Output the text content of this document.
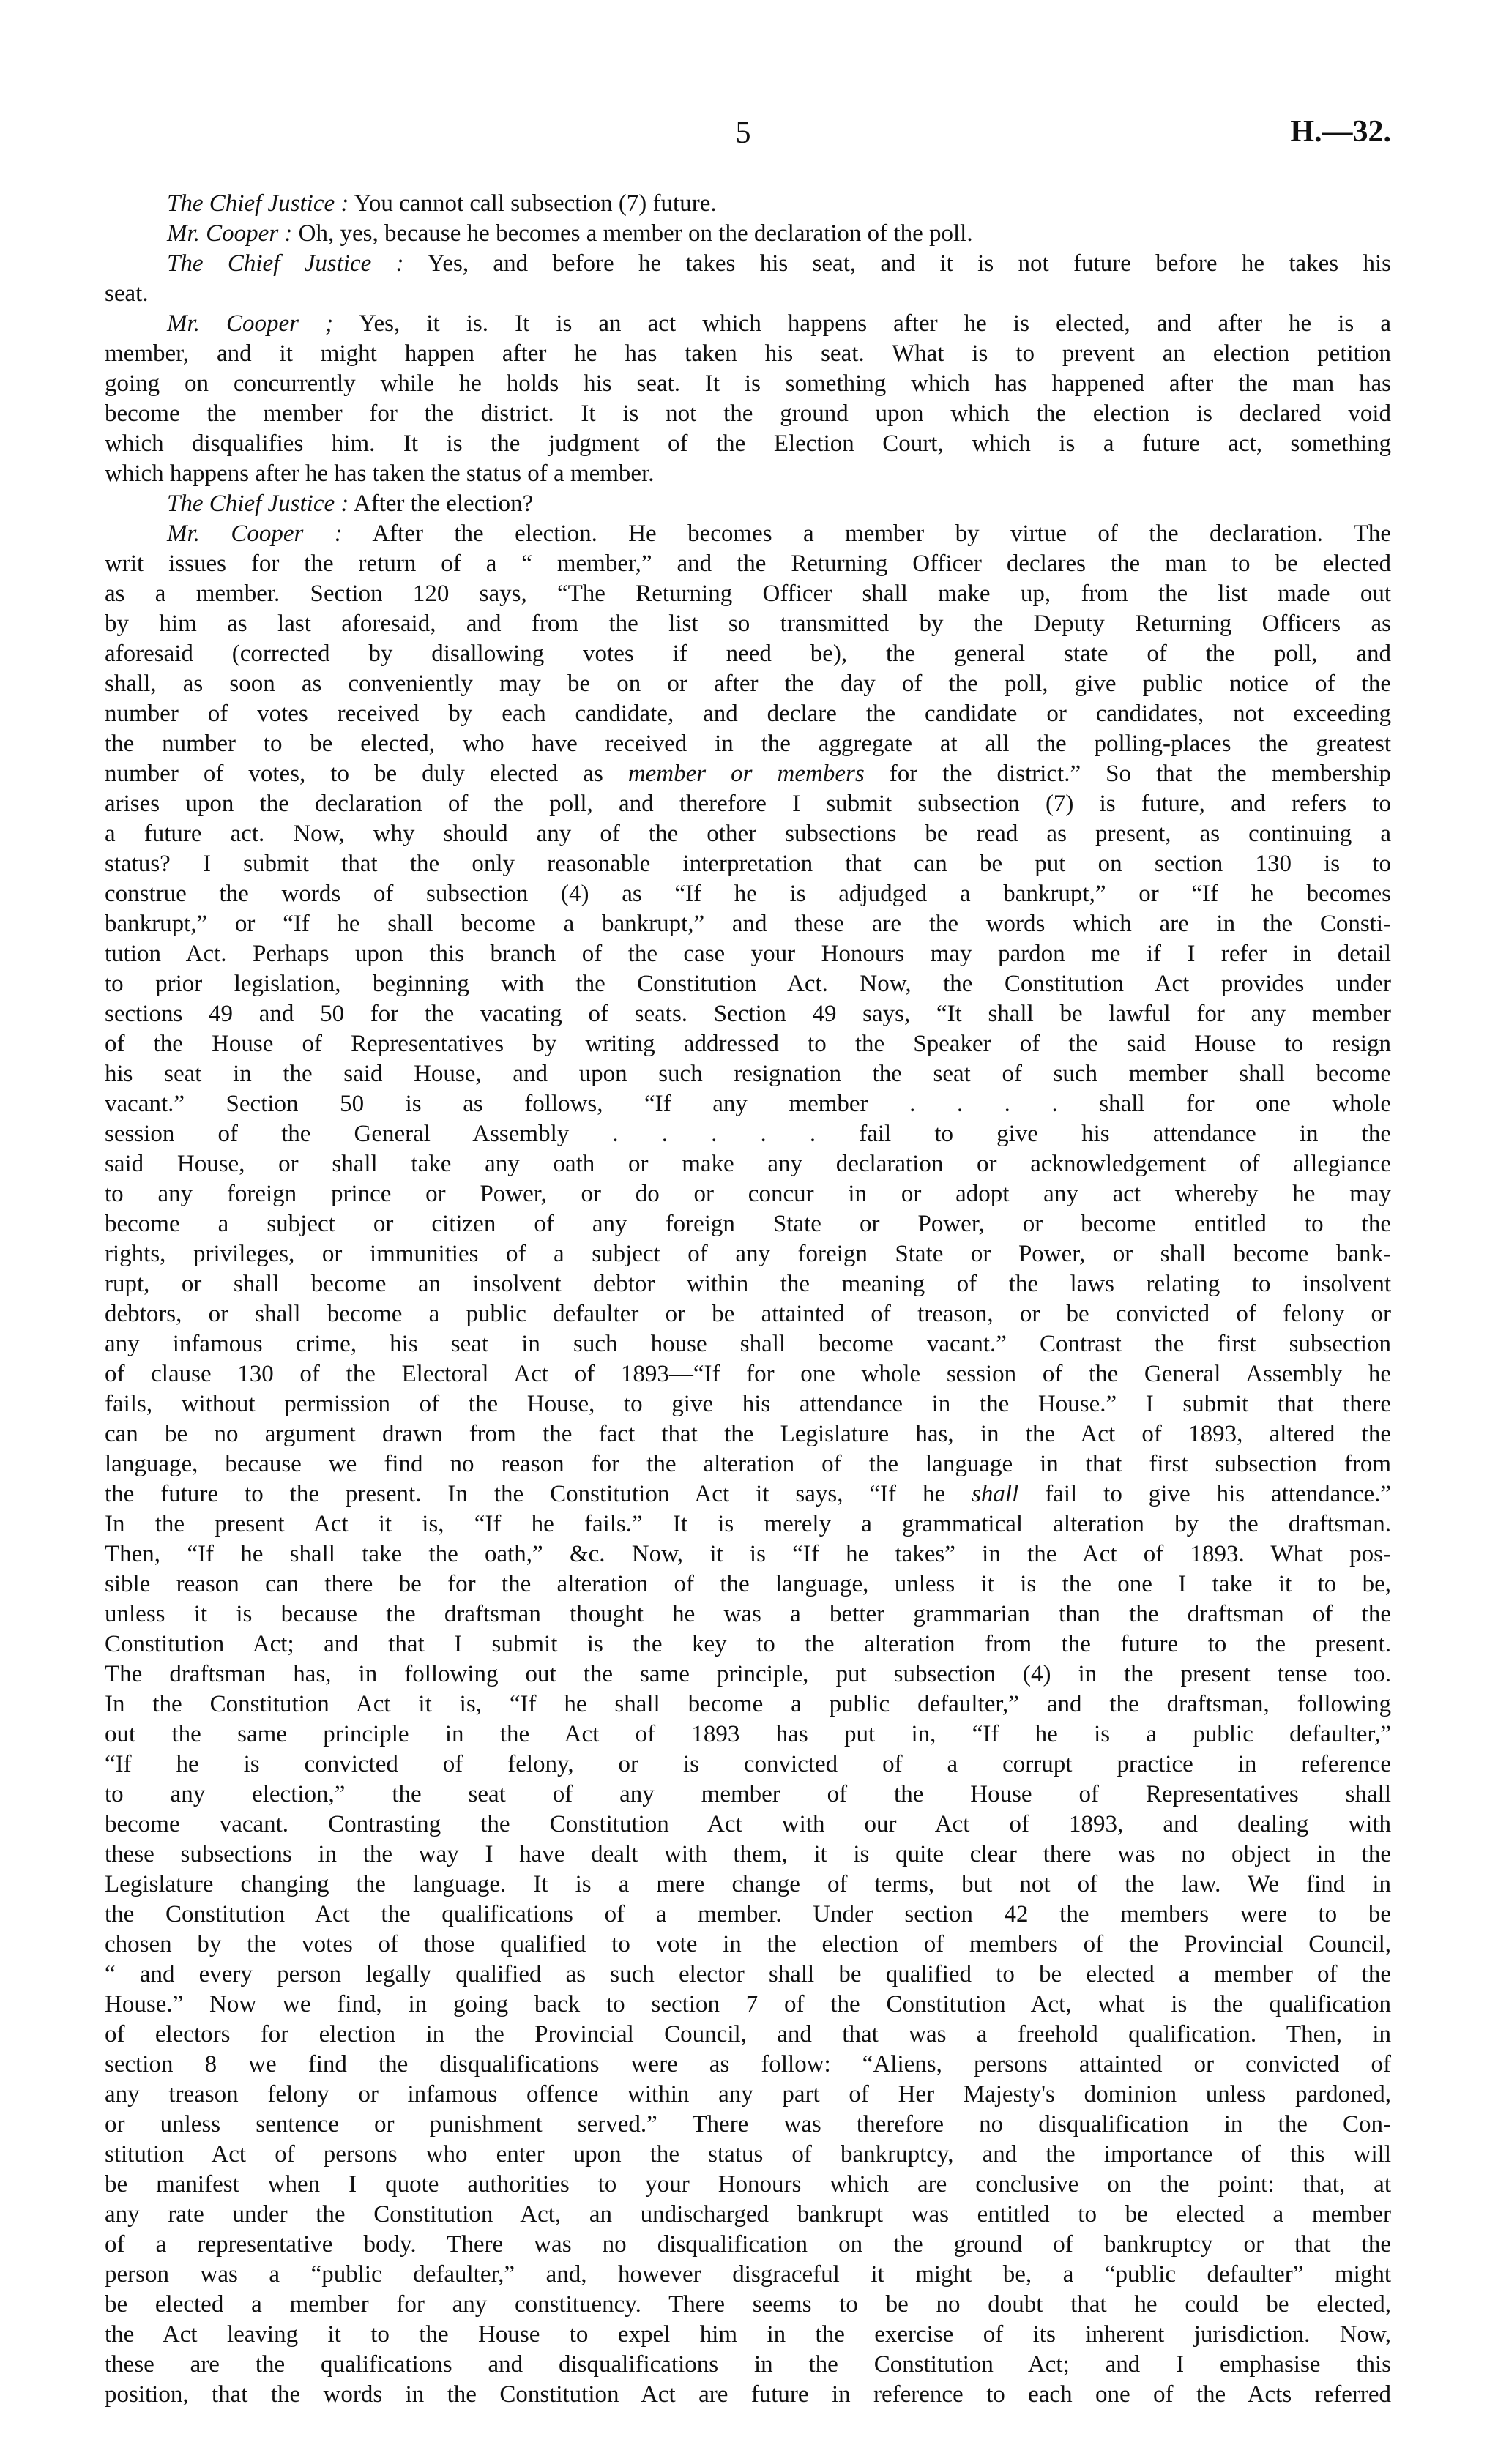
5	H.—32.
The Chief Justice : You cannot call subsection (7) future.
Mr. Cooper : Oh, yes, because he becomes a member on the declaration of the poll.
The Chief Justice : Yes, and before he takes his seat, and it is not future before he takes his
seat.
Mr. Cooper ; Yes, it is. It is an act which happens after he is elected, and after he is a
member, and it might happen after he has taken his seat. What is to prevent an election petition
going on concurrently while he holds his seat. It is something which has happened after the man has
become the member for the district. It is not the ground upon which the election is declared void
which disqualifies him. It is the judgment of the Election Court, which is a future act, something
which happens after he has taken the status of a member.
The Chief Justice : After the election?
Mr. Cooper : After the election. He becomes a member by virtue of the declaration. The
writ issues for the return of a “ member,” and the Returning Officer declares the man to be elected
as a member. Section 120 says, “The Returning Officer shall make up, from the list made out
by him as last aforesaid, and from the list so transmitted by the Deputy Returning Officers as
aforesaid (corrected by disallowing votes if need be), the general state of the poll, and
shall, as soon as conveniently may be on or after the day of the poll, give public notice of the
number of votes received by each candidate, and declare the candidate or candidates, not exceeding
the number to be elected, who have received in the aggregate at all the polling-places the greatest
number of votes, to be duly elected as member or members for the district.” So that the membership
arises upon the declaration of the poll, and therefore I submit subsection (7) is future, and refers to
a future act. Now, why should any of the other subsections be read as present, as continuing a
status? I submit that the only reasonable interpretation that can be put on section 130 is to
construe the words of subsection (4) as “If he is adjudged a bankrupt,” or “If he becomes
bankrupt,” or “If he shall become a bankrupt,” and these are the words which are in the Consti-
tution Act. Perhaps upon this branch of the case your Honours may pardon me if I refer in detail
to prior legislation, beginning with the Constitution Act. Now, the Constitution Act provides under
sections 49 and 50 for the vacating of seats. Section 49 says, “It shall be lawful for any member
of the House of Representatives by writing addressed to the Speaker of the said House to resign
his seat in the said House, and upon such resignation the seat of such member shall become
vacant.” Section 50 is as follows, “If any member . . . . shall for one whole
session of the General Assembly . . . . . fail to give his attendance in the
said House, or shall take any oath or make any declaration or acknowledgement of allegiance
to any foreign prince or Power, or do or concur in or adopt any act whereby he may
become a subject or citizen of any foreign State or Power, or become entitled to the
rights, privileges, or immunities of a subject of any foreign State or Power, or shall become bank-
rupt, or shall become an insolvent debtor within the meaning of the laws relating to insolvent
debtors, or shall become a public defaulter or be attainted of treason, or be convicted of felony or
any infamous crime, his seat in such house shall become vacant.” Contrast the first subsection
of clause 130 of the Electoral Act of 1893—“If for one whole session of the General Assembly he
fails, without permission of the House, to give his attendance in the House.” I submit that there
can be no argument drawn from the fact that the Legislature has, in the Act of 1893, altered the
language, because we find no reason for the alteration of the language in that first subsection from
the future to the present. In the Constitution Act it says, “If he shall fail to give his attendance.”
In the present Act it is, “If he fails.” It is merely a grammatical alteration by the draftsman.
Then, “If he shall take the oath,” &c. Now, it is “If he takes” in the Act of 1893. What pos-
sible reason can there be for the alteration of the language, unless it is the one I take it to be,
unless it is because the draftsman thought he was a better grammarian than the draftsman of the
Constitution Act; and that I submit is the key to the alteration from the future to the present.
The draftsman has, in following out the same principle, put subsection (4) in the present tense too.
In the Constitution Act it is, “If he shall become a public defaulter,” and the draftsman, following
out the same principle in the Act of 1893 has put in, “If he is a public defaulter,”
“If he is convicted of felony, or is convicted of a corrupt practice in reference
to any election,” the seat of any member of the House of Representatives shall
become vacant. Contrasting the Constitution Act with our Act of 1893, and dealing with
these subsections in the way I have dealt with them, it is quite clear there was no object in the
Legislature changing the language. It is a mere change of terms, but not of the law. We find in
the Constitution Act the qualifications of a member. Under section 42 the members were to be
chosen by the votes of those qualified to vote in the election of members of the Provincial Council,
“ and every person legally qualified as such elector shall be qualified to be elected a member of the
House.” Now we find, in going back to section 7 of the Constitution Act, what is the qualification
of electors for election in the Provincial Council, and that was a freehold qualification. Then, in
section 8 we find the disqualifications were as follow: “Aliens, persons attainted or convicted of
any treason felony or infamous offence within any part of Her Majesty's dominion unless pardoned,
or unless sentence or punishment served.” There was therefore no disqualification in the Con-
stitution Act of persons who enter upon the status of bankruptcy, and the importance of this will
be manifest when I quote authorities to your Honours which are conclusive on the point: that, at
any rate under the Constitution Act, an undischarged bankrupt was entitled to be elected a member
of a representative body. There was no disqualification on the ground of bankruptcy or that the
person was a “public defaulter,” and, however disgraceful it might be, a “public defaulter” might
be elected a member for any constituency. There seems to be no doubt that he could be elected,
the Act leaving it to the House to expel him in the exercise of its inherent jurisdiction. Now,
these are the qualifications and disqualifications in the Constitution Act; and I emphasise this
position, that the words in the Constitution Act are future in reference to each one of the Acts referred
